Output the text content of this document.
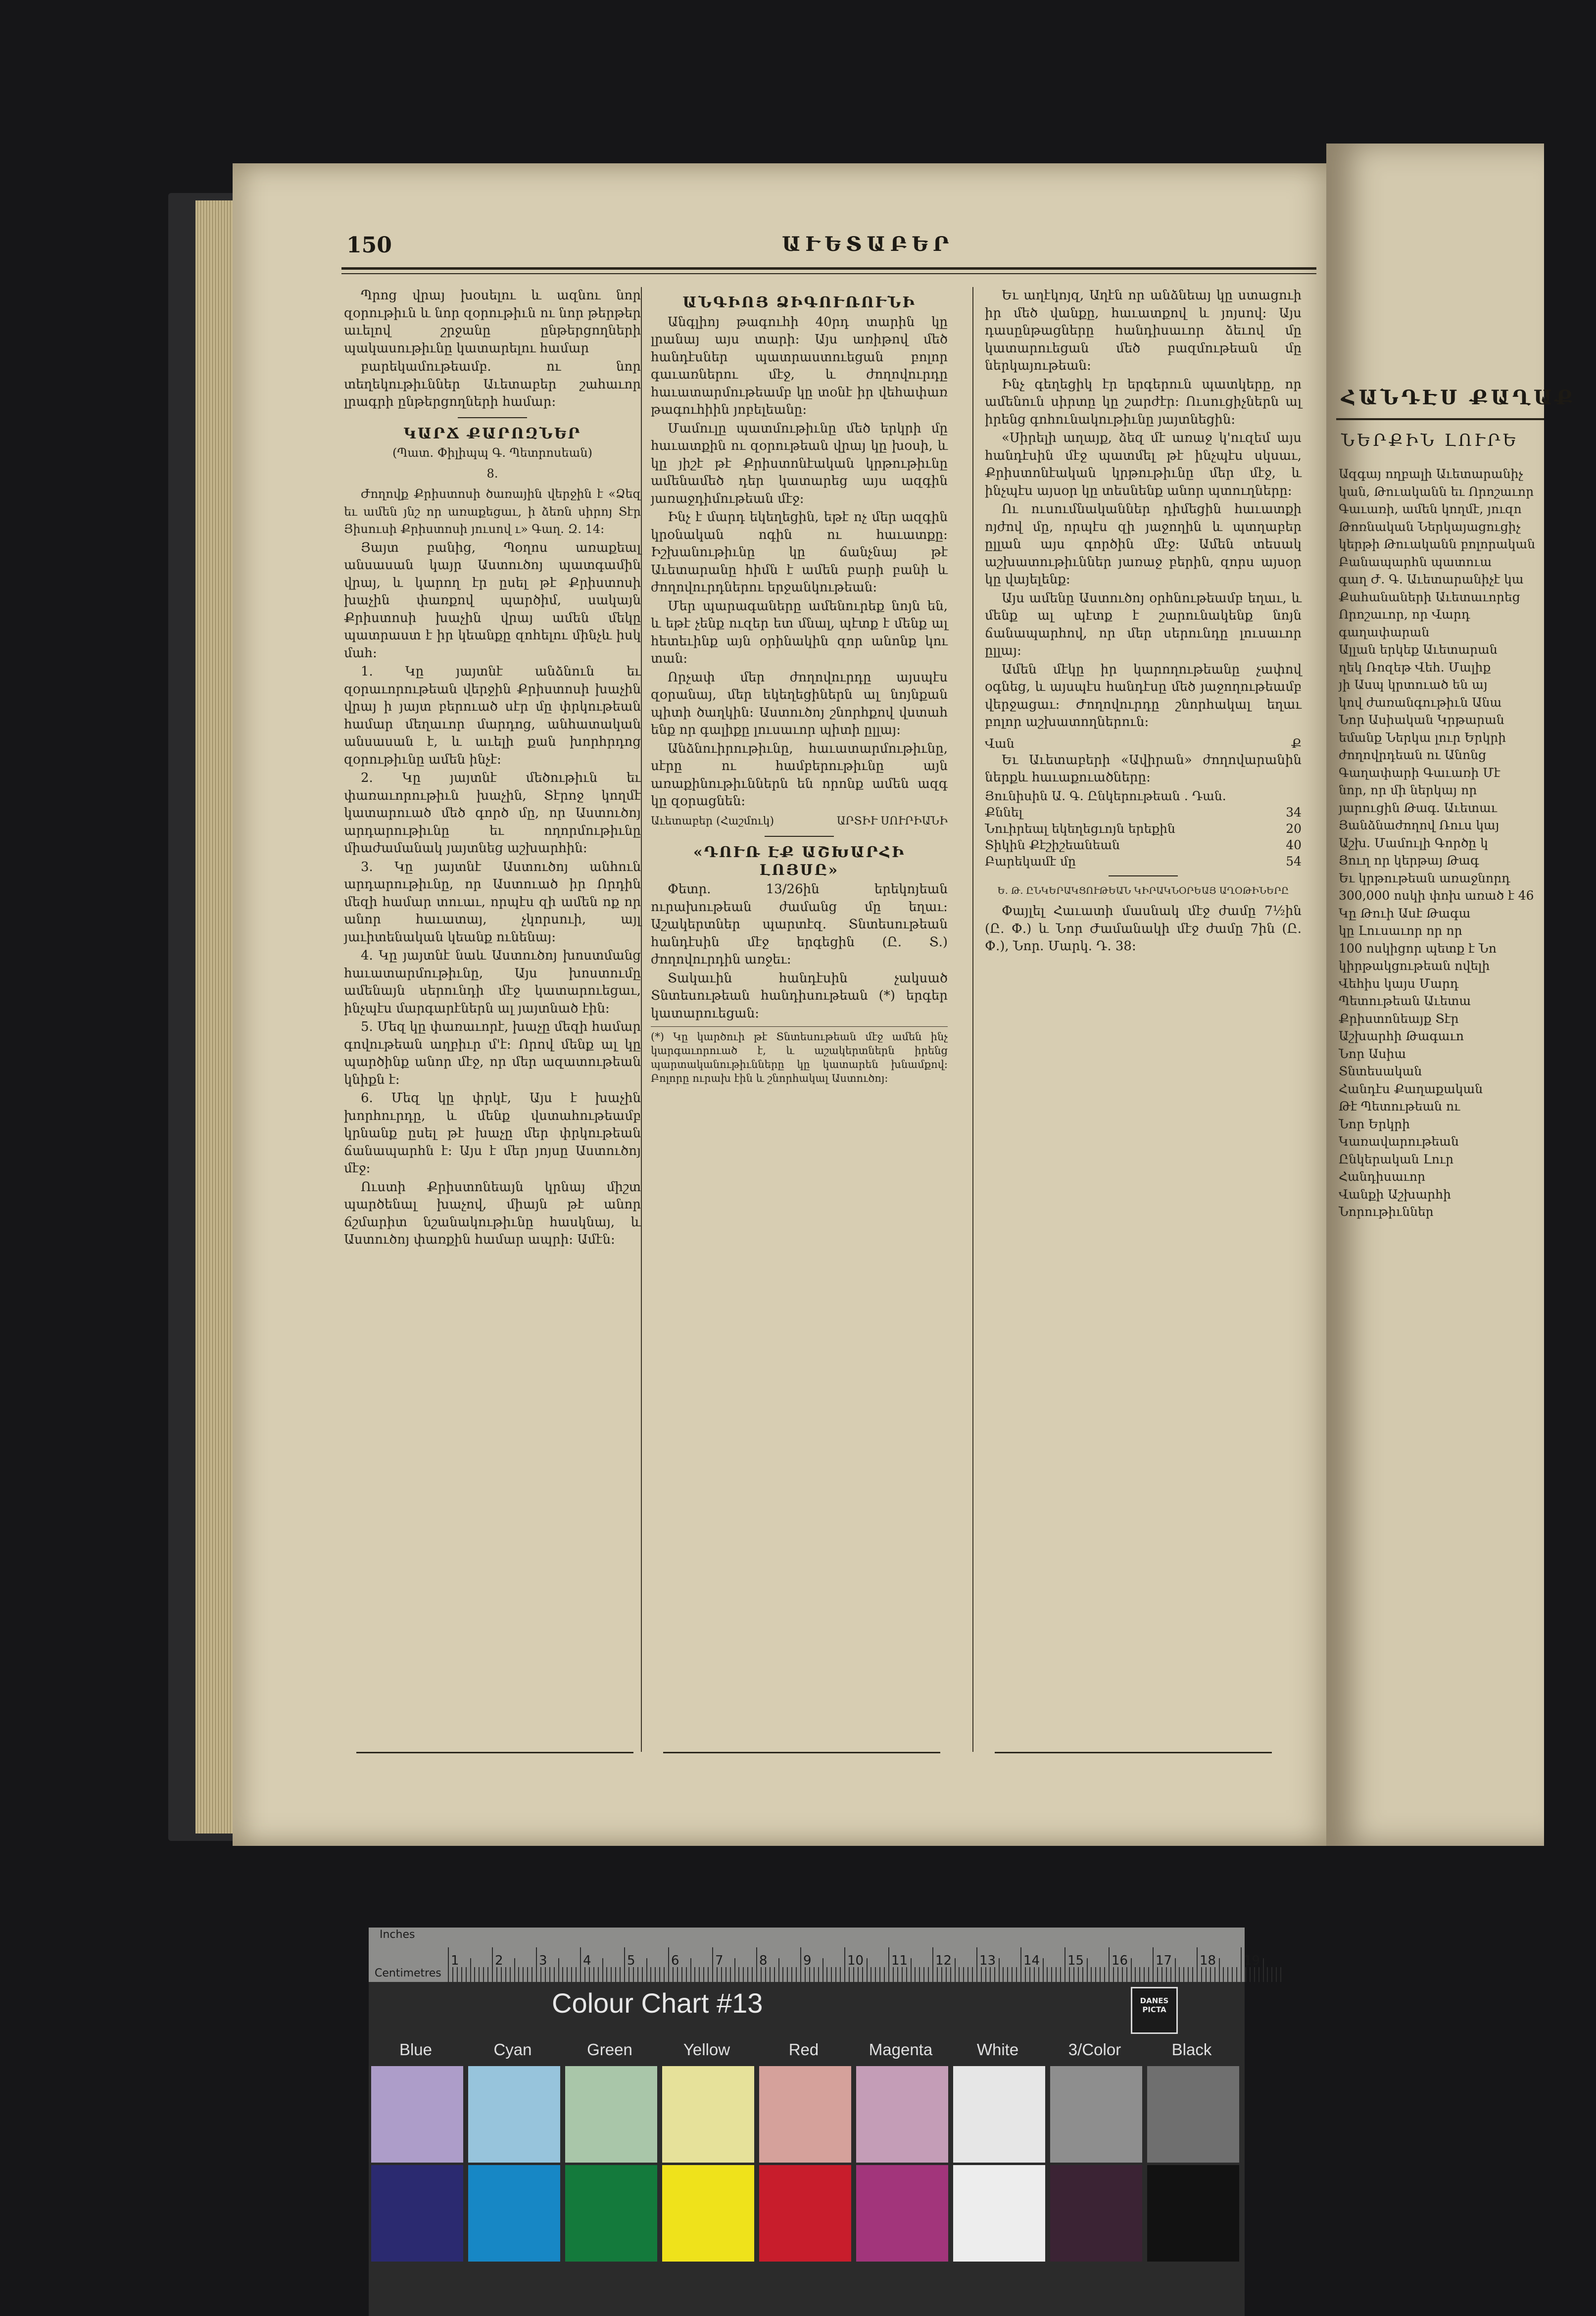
150	ԱՒԵՏԱԲԵՐ

Պրոց վրայ խօսելու և ազնու նոր զօրութիւն և նոր զօրութիւն ու նոր թերթեր աւելով շրջանը ընթերցողների պակասութիւնը կատարելու համար

բարեկամութեամբ. ու նոր տեղեկութիւններ Աւետաբեր շահաւոր լրագրի ընթերցողների համար։

ԿԱՐՃ ՔԱՐՈԶՆԵՐ
(Պատ. Փիլիպպ Գ. Պետրոսեան)
8.

Ժողովք Քրիստոսի ծառային վերջին է «Ձեզ եւ ամեն յնշ որ առաքեցաւ, ի ձեռն սիրոյ Տէր Յիսուսի Քրիստոսի յուսով ւ» Գաղ. Զ. 14։

Յայտ բանից, Պօղոս առաքեալ անսասան կայր Աստուծոյ պատգամին վրայ, և կարող էր ըսել թէ Քրիստոսի խաչին փառքով պարծիմ, սակայն Քրիստոսի խաչին վրայ ամեն մեկը պատրաստ է իր կեանքը զոհելու մինչև իսկ մահ։

1. Կը յայտնէ անձնուն եւ զօրաւորութեան վերջին Քրիստոսի խաչին վրայ ի յայտ բերուած սէր մը փրկութեան համար մեղաւոր մարդոց, անհատական անսասան է, և աւելի քան խորհրդոց զօրութիւնը ամեն ինչէ։

2. Կը յայտնէ մեծութիւն եւ փառաւորութիւն խաչին, Տէրոջ կողմէ կատարուած մեծ գործ մը, որ Աստուծոյ արդարութիւնը եւ ողորմութիւնը միաժամանակ յայտնեց աշխարհին։

3. Կը յայտնէ Աստուծոյ անհուն արդարութիւնը, որ Աստուած իր Որդին մեզի համար տուաւ, որպէս զի ամեն ոք որ անոր հաւատայ, չկորսուի, այլ յաւիտենական կեանք ունենայ։

4. Կը յայտնէ նաև Աստուծոյ խոստմանց հաւատարմութիւնը, Այս խոստումը ամենայն սերունդի մէջ կատարուեցաւ, ինչպէս մարգարէներն ալ յայտնած էին։

5. Մեզ կը փառաւորէ, խաչը մեզի համար գովութեան աղբիւր մ'է։ Որով մենք ալ կը պարծինք անոր մէջ, որ մեր ազատութեան կնիքն է։

6. Մեզ կը փրկէ, Այս է խաչին խորհուրդը, և մենք վստահութեամբ կրնանք ըսել թէ խաչը մեր փրկութեան ճանապարհն է։ Այս է մեր յոյսը Աստուծոյ մէջ։

Ուստի Քրիստոնեայն կրնայ միշտ պարծենալ խաչով, միայն թէ անոր ճշմարիտ նշանակութիւնը հասկնայ, և Աստուծոյ փառքին համար ապրի։ Ամէն։

ԱՆԳԻՈՅ ՁԻԳՈՒՌՈՒՆԻ

Անգլիոյ թագուհի 40րդ տարին կը լրանայ այս տարի։ Այս առիթով մեծ հանդէսներ պատրաստուեցան բոլոր գաւառներու մէջ, և ժողովուրդը հաւատարմութեամբ կը տօնէ իր վեհափառ թագուհիին յոբելեանը։

Մամուլը պատմութիւնը մեծ երկրի մը հաւատքին ու զօրութեան վրայ կը խօսի, և կը յիշէ թէ Քրիստոնէական կրթութիւնը ամենամեծ դեր կատարեց այս ազգին յառաջդիմութեան մէջ։

Ինչ է մարդ եկեղեցին, եթէ ոչ մեր ազգին կրօնական ոգին ու հաւատքը։ Իշխանութիւնը կը ճանչնայ թէ Աւետարանը հիմն է ամեն բարի բանի և ժողովուրդներու երջանկութեան։

Մեր պարագաները ամենուրեք նոյն են, և եթէ չենք ուզեր ետ մնալ, պէտք է մենք ալ հետեւինք այն օրինակին զոր անոնք կու տան։

Որչափ մեր ժողովուրդը այսպէս զօրանայ, մեր եկեղեցիներն ալ նոյնքան պիտի ծաղկին։ Աստուծոյ շնորհքով վստահ ենք որ գալիքը լուսաւոր պիտի ըլլայ։

Անձնուիրութիւնը, հաւատարմութիւնը, սէրը ու համբերութիւնը այն առաքինութիւններն են որոնք ամեն ազգ կը զօրացնեն։

Աւետաբեր (Հաշմուկ)	ԱՐՏԻՒ ՍՈՒՐԻԱՆԻ
«ԴՈՒՌ ԷՔ ԱՇԽԱՐՀԻ ԼՈՅՍԸ»

Փետր. 13/26ին երեկոյեան ուրախութեան ժամանց մը եղաւ։ Աշակերտներ պարտէզ. Տնտեսութեան հանդէսին մէջ երգեցին (Ը. Տ.) ժողովուրդին առջեւ։

Տակաւին հանդէսին չակսած Տնտեսութեան հանդիսութեան (*) երգեր կատարուեցան։

(*) Կը կարծուի թէ Տնտեսութեան մէջ ամեն ինչ կարգաւորուած է, և աշակերտներն իրենց պարտականութիւնները կը կատարեն խնամքով։ Բոլորը ուրախ էին և շնորհակալ Աստուծոյ։

Եւ աղէկոյզ, Աղէն որ անձնեայ կը ստացուի իր մեծ վանքը, հաւատքով և յոյսով։ Այս դասընթացները հանդիսաւոր ձեւով մը կատարուեցան մեծ բազմութեան մը ներկայութեան։

Ինչ գեղեցիկ էր երգերուն պատկերը, որ ամենուն սիրտը կը շարժէր։ Ուսուցիչներն ալ իրենց գոհունակութիւնը յայտնեցին։

«Սիրելի աղայք, ձեզ մէ առաջ կ'ուզեմ այս հանդէսին մէջ պատմել թէ ինչպէս սկսաւ, Քրիստոնէական կրթութիւնը մեր մէջ, և ինչպէս այսօր կը տեսնենք անոր պտուղները։

Ու ուսումնականներ դիմեցին հաւատքի ոյժով մը, որպէս զի յաջողին և պտղաբեր ըլլան այս գործին մէջ։ Ամեն տեսակ աշխատութիւններ յառաջ բերին, զորս այսօր կը վայելենք։

Այս ամենը Աստուծոյ օրհնութեամբ եղաւ, և մենք ալ պէտք է շարունակենք նոյն ճանապարհով, որ մեր սերունդը լուսաւոր ըլլայ։

Ամեն մէկը իր կարողութեանը չափով օգնեց, և այսպէս հանդէսը մեծ յաջողութեամբ վերջացաւ։ Ժողովուրդը շնորհակալ եղաւ բոլոր աշխատողներուն։

Վան	Ք

Եւ Աւետաբերի «Ավիրան» ժողովարանին ներքև հաւաքուածները։

Յունիսին Ա. Գ. Ընկերութեան ․ Դան.
Քննել	34
Նուիրեալ եկեղեցւոյն երեքին	20
Տիկին Քէշիշեանեան	40
Բարեկամէ մը	54
Ե. Թ. ԸՆԿԵՐԱԿՑՈՒԹԵԱՆ ԿԻՐԱԿՆՕՐԵԱՅ ԱՂՕԹԻՆԵՐԸ

Փայլել Հաւատի մասնակ մէջ ժամը 7½ին (Ը. Փ.) և Նոր Ժամանակի մէջ ժամը 7ին (Ը. Փ.), Նոր. Մարկ. Դ. 38։

ՀԱՆԴԷՍ ՔԱՂԱՔ
ՆԵՐՔԻՆ ԼՈՒՐԵ
Ազգայ ողբալի Աւետարանիչ
կան, Թուականն եւ Որոշաւոր
Գաւառի, ամեն կողմէ, յուզո
Թոռնական Ներկայացուցիչ
կերթի Թուականն բոլորական
Բանապարհն պատուա
գաղ Ժ. Գ. Աւետարանիչէ կա
Քահանաների Աւետաւորեց
Որոշաւոր, որ Վարդ
գաղափարան
Ալլան երկեք Աւետարան
ղեկ Ռոզեթ Վեհ. Մալիք
յի Ասպ կրտուած են այ
կով ժառանգութիւն Անա
Նոր Ասիական Կրթարան
եմանք Ներկա լուր Երկրի
ժողովրդեան ու Անոնց
Գաղափարի Գաւառի Մէ
նոր, որ մի ներկայ որ
յարուցին Թագ. Աւետաւ
Յանձնաժողով Ռուս կայ
Աշխ. Մամուլի Գործը կ
Յուղ որ կերթայ Թագ
Եւ կրթութեան առաջնորդ
300,000 ոսկի փոխ առած է 46
Կը Թուի Ասէ Թագա
կը Լուսաւոր որ որ
100 ոսկիցոր պետք է Նո
կիրթակցութեան ովելի
Վեհիս կայս Մարդ
Պետութեան Աւետա
Քրիստոնեայք Տէր
Աշխարհի Թագաւո
Նոր Ասիա
Տնտեսական
Հանդէս Քաղաքական
Թէ Պետութեան ու
Նոր Երկրի
Կառավարութեան
Ընկերական Լուր
Հանդիսաւոր
Վանքի Աշխարհի
Նորութիւններ
Inches
Centimetres
1	2	3	4	5	6	7	8	9	10 11 12 13 14 15 16 17 18 19
Colour Chart #13	DANES
PICTA
Blue	Cyan	Green	Yellow	Red	Magenta	White	3/Color	Black
